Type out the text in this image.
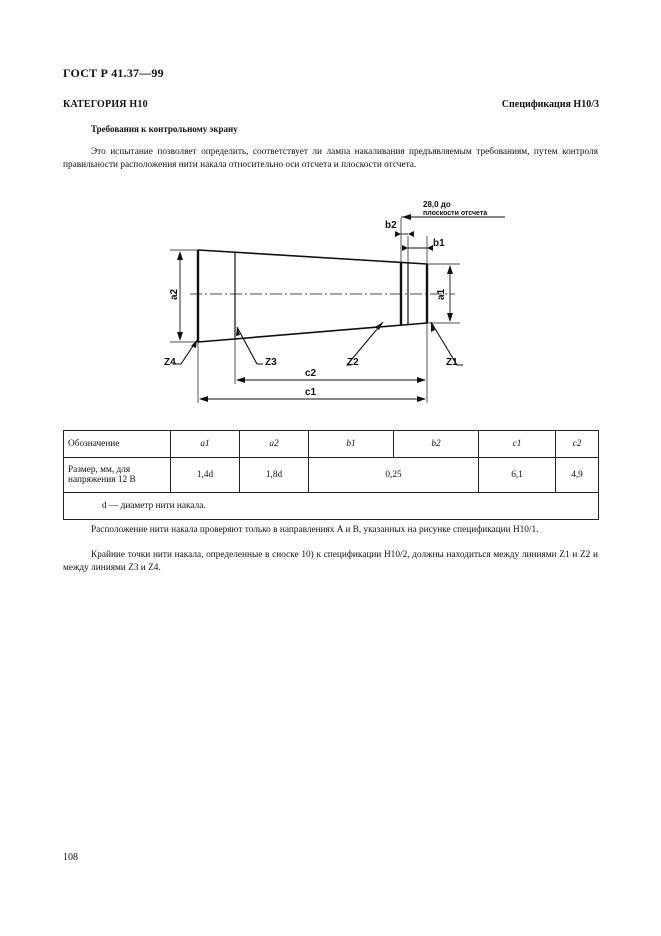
ГОСТ Р 41.37—99
КАТЕГОРИЯ H10	Спецификация H10/3
Требования к контрольному экрану
Это испытание позволяет определить, соответствует ли лампа накаливания предъявляемым требованиям, путем контроля правильности расположения нити накала относительно оси отсчета и плоскости отсчета.
b2
b1
28,0 до
плоскости отсчета
a2	a1
c2
c1
Z4	Z3	Z2	Z1
Обозначение	a1	a2	b1	b2	c1	c2
Размер, мм, для напряжения 12 В	1,4d	1,8d	0,25		6,1	4,9
d — диаметр нити накала.						
Расположение нити накала проверяют только в направлениях A и B, указанных на рисунке спецификации H10/1.
Крайние точки нити накала, определенные в сноске 10) к спецификации H10/2, должны находиться между линиями Z1 и Z2 и между линиями Z3 и Z4.
108
